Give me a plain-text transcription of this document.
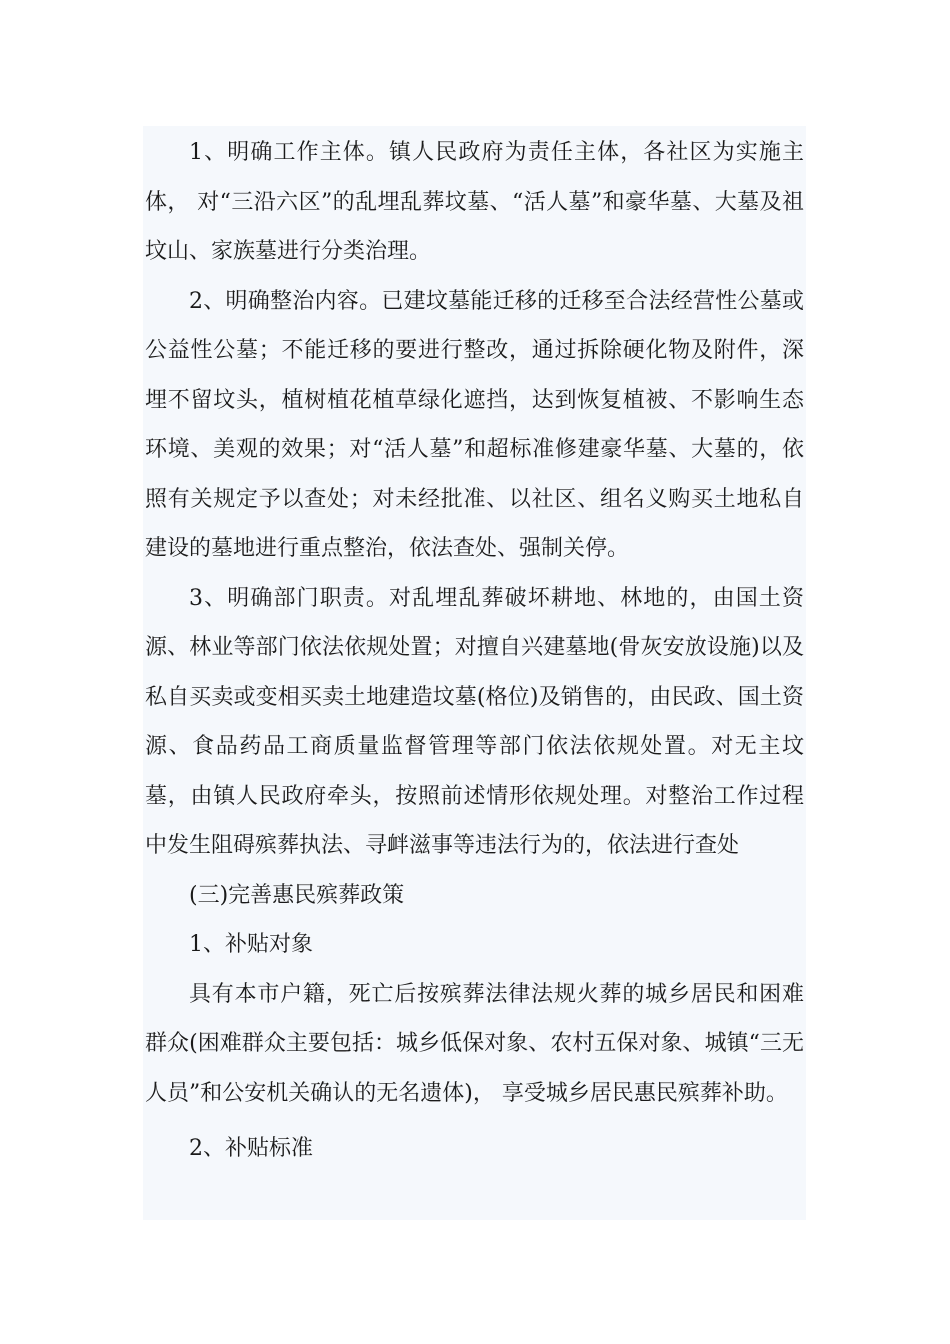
1、明确工作主体。镇人民政府为责任主体，各社区为实施主体， 对“三沿六区”的乱埋乱葬坟墓、“活人墓”和豪华墓、大墓及祖坟山、家族墓进行分类治理。

2、明确整治内容。已建坟墓能迁移的迁移至合法经营性公墓或公益性公墓；不能迁移的要进行整改，通过拆除硬化物及附件，深埋不留坟头，植树植花植草绿化遮挡，达到恢复植被、不影响生态环境、美观的效果；对“活人墓”和超标准修建豪华墓、大墓的，依照有关规定予以查处；对未经批准、以社区、组名义购买土地私自建设的墓地进行重点整治，依法查处、强制关停。

3、明确部门职责。对乱埋乱葬破坏耕地、林地的，由国土资源、林业等部门依法依规处置；对擅自兴建墓地(骨灰安放设施)以及私自买卖或变相买卖土地建造坟墓(格位)及销售的，由民政、国土资源、食品药品工商质量监督管理等部门依法依规处置。对无主坟墓，由镇人民政府牵头，按照前述情形依规处理。对整治工作过程中发生阻碍殡葬执法、寻衅滋事等违法行为的，依法进行查处

(三)完善惠民殡葬政策

1、补贴对象

具有本市户籍，死亡后按殡葬法律法规火葬的城乡居民和困难群众(困难群众主要包括：城乡低保对象、农村五保对象、城镇“三无人员”和公安机关确认的无名遗体)， 享受城乡居民惠民殡葬补助。

2、补贴标准
